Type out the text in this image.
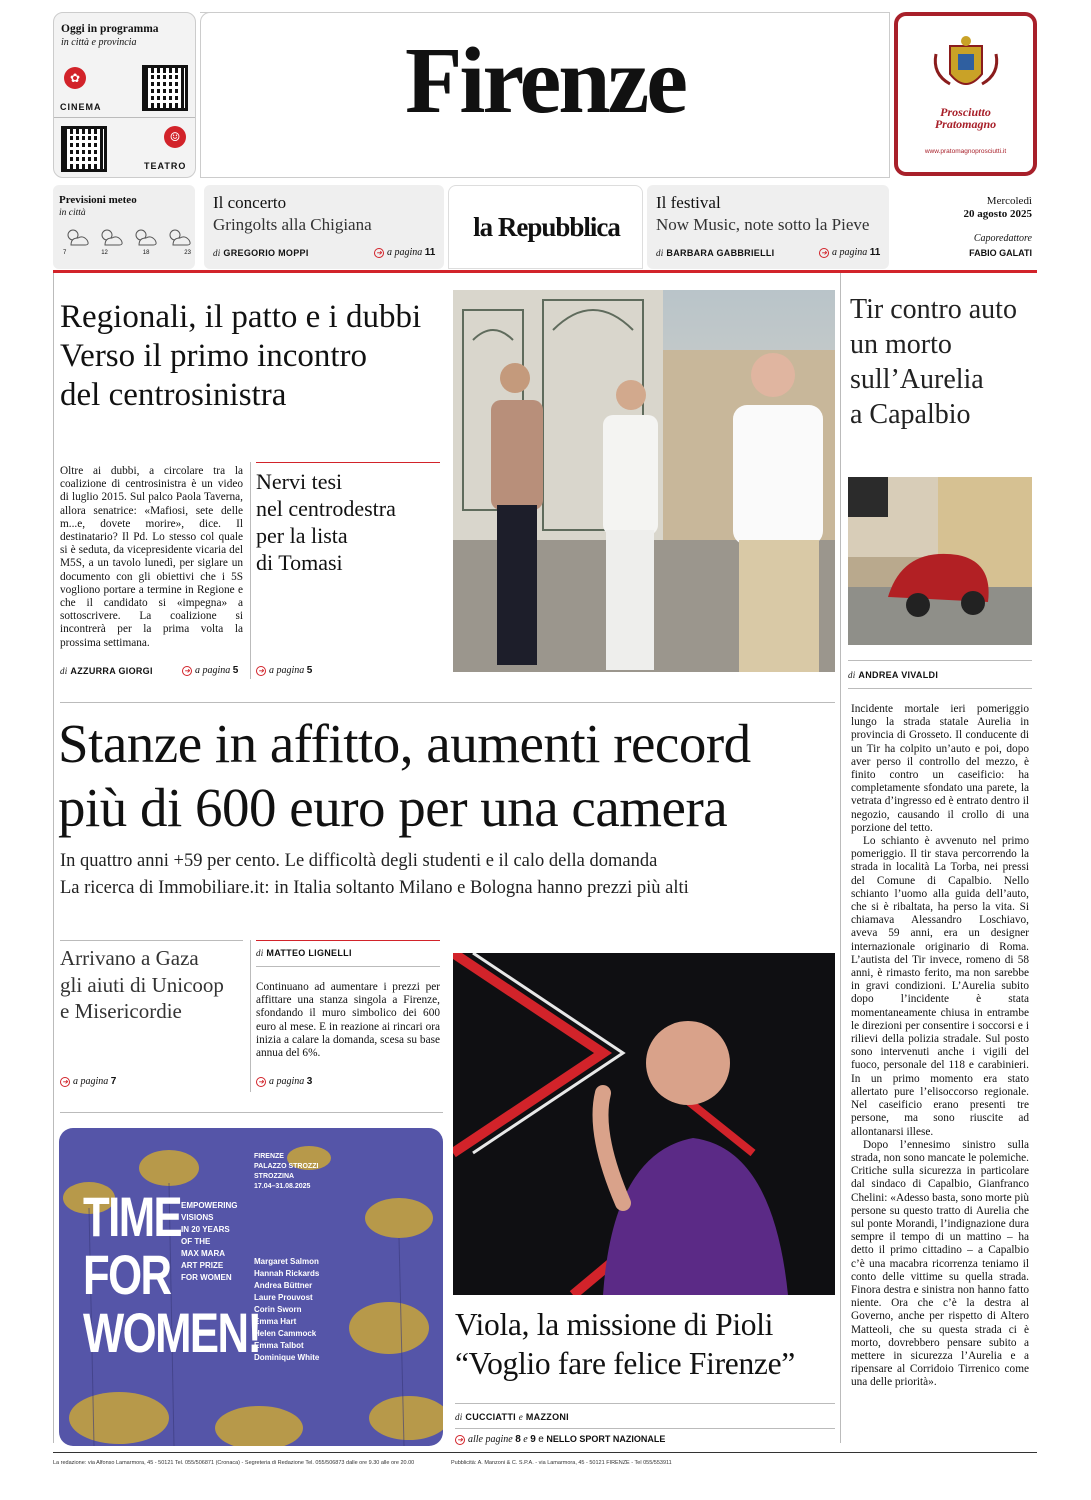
Oggi in programma
in città e provincia
✿
CINEMA
☺
TEATRO
Firenze	Prosciutto
Pratomagno
www.pratomagnoprosciutti.it
Previsioni meteo
in città
7	12	18	23
Il concerto
Gringolts alla Chigiana
di GREGORIO MOPPI	➜ a pagina 11
la Repubblica
Il festival
Now Music, note sotto la Pieve
di BARBARA GABBRIELLI	➜ a pagina 11
Mercoledì
20 agosto 2025
Caporedattore
FABIO GALATI
Regionali, il patto e i dubbi
Verso il primo incontro
del centrosinistra
Oltre ai dubbi, a circolare tra la coalizione di centrosinistra è un video di luglio 2015. Sul palco Paola Taverna, allora senatrice: «Mafiosi, sete delle m...e, dovete morire», dice. Il destinatario? Il Pd. Lo stesso col quale si è seduta, da vicepresidente vicaria del M5S, a un tavolo lunedì, per siglare un documento con gli obiettivi che i 5S vogliono portare a termine in Regione e che il candidato si «impegna» a sottoscrivere. La coalizione si incontrerà per la prima volta la prossima settimana.
di AZZURRA GIORGI	➜ a pagina 5
Nervi tesi
nel centrodestra
per la lista
di Tomasi
➜ a pagina 5
Tir contro auto
un morto
sull’Aurelia
a Capalbio
di ANDREA VIVALDI
Incidente mortale ieri pomeriggio lungo la strada statale Aurelia in provincia di Grosseto. Il conducente di un Tir ha colpito un’auto e poi, dopo aver perso il controllo del mezzo, è finito contro un caseificio: ha completamente sfondato una parete, la vetrata d’ingresso ed è entrato dentro il negozio, causando il crollo di una porzione del tetto.
Lo schianto è avvenuto nel primo pomeriggio. Il tir stava percorrendo la strada in località La Torba, nei pressi del Comune di Capalbio. Nello schianto l’uomo alla guida dell’auto, che si è ribaltata, ha perso la vita. Si chiamava Alessandro Loschiavo, aveva 59 anni, era un designer internazionale originario di Roma. L’autista del Tir invece, romeno di 58 anni, è rimasto ferito, ma non sarebbe in gravi condizioni. L’Aurelia subito dopo l’incidente è stata momentaneamente chiusa in entrambe le direzioni per consentire i soccorsi e i rilievi della polizia stradale. Sul posto sono intervenuti anche i vigili del fuoco, personale del 118 e carabinieri. In un primo momento era stato allertato pure l’elisoccorso regionale. Nel caseificio erano presenti tre persone, ma sono riuscite ad allontanarsi illese.
Dopo l’ennesimo sinistro sulla strada, non sono mancate le polemiche. Critiche sulla sicurezza in particolare dal sindaco di Capalbio, Gianfranco Chelini: «Adesso basta, sono morte più persone su questo tratto di Aurelia che sul ponte Morandi, l’indignazione dura sempre il tempo di un mattino – ha detto il primo cittadino – a Capalbio c’è una macabra ricorrenza teniamo il conto delle vittime su quella strada. Finora destra e sinistra non hanno fatto niente. Ora che c’è la destra al Governo, anche per rispetto di Altero Matteoli, che su questa strada ci è morto, dovrebbero pensare subito a mettere in sicurezza l’Aurelia e a ripensare al Corridoio Tirrenico come una delle priorità».
Stanze in affitto, aumenti record
più di 600 euro per una camera
In quattro anni +59 per cento. Le difficoltà degli studenti e il calo della domanda
La ricerca di Immobiliare.it: in Italia soltanto Milano e Bologna hanno prezzi più alti
Arrivano a Gaza
gli aiuti di Unicoop
e Misericordie
➜ a pagina 7
di MATTEO LIGNELLI
Continuano ad aumentare i prezzi per affittare una stanza singola a Firenze, sfondando il muro simbolico dei 600 euro al mese. E in reazione ai rincari ora inizia a calare la domanda, scesa su base annua del 6%.
➜ a pagina 3
TIME
FOR
WOMEN!
EMPOWERING
VISIONS
IN 20 YEARS
OF THE
MAX MARA
ART PRIZE
FOR WOMEN
FIRENZE
PALAZZO STROZZI
STROZZINA
17.04–31.08.2025
Margaret Salmon
Hannah Rickards
Andrea Büttner
Laure Prouvost
Corin Sworn
Emma Hart
Helen Cammock
Emma Talbot
Dominique White
Viola, la missione di Pioli
“Voglio fare felice Firenze”
di CUCCIATTI e MAZZONI
➜ alle pagine 8 e 9 e NELLO SPORT NAZIONALE
La redazione: via Alfonso Lamarmora, 45 - 50121 Tel. 055/506871 (Cronaca) - Segreteria di Redazione Tel. 055/506873 dalle ore 9.30 alle ore 20.00	Pubblicità: A. Manzoni & C. S.P.A. - via Lamarmora, 45 - 50121 FIRENZE - Tel 055/553911
